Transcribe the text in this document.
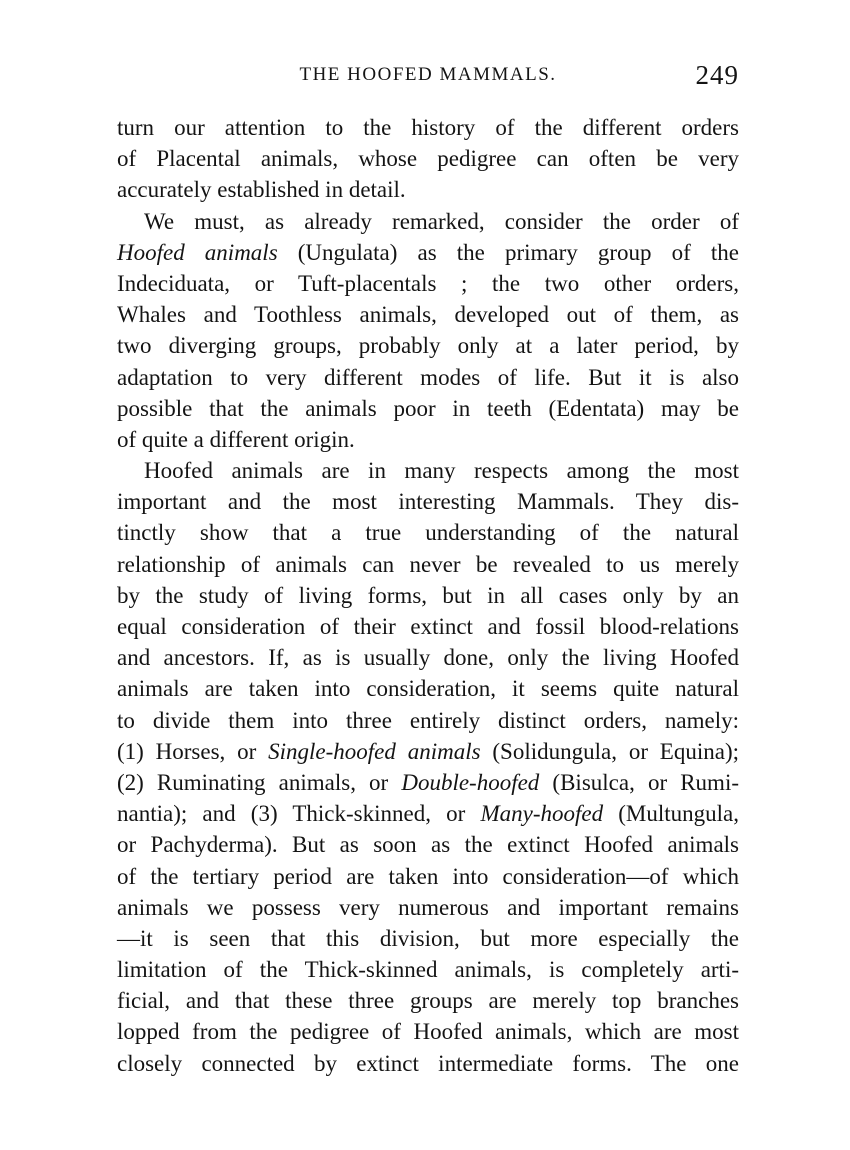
THE HOOFED MAMMALS.	249
turn our attention to the history of the different orders
of Placental animals, whose pedigree can often be very
accurately established in detail.
We must, as already remarked, consider the order of
Hoofed animals (Ungulata) as the primary group of the
Indeciduata, or Tuft-placentals ; the two other orders,
Whales and Toothless animals, developed out of them, as
two diverging groups, probably only at a later period, by
adaptation to very different modes of life. But it is also
possible that the animals poor in teeth (Edentata) may be
of quite a different origin.
Hoofed animals are in many respects among the most
important and the most interesting Mammals. They dis-
tinctly show that a true understanding of the natural
relationship of animals can never be revealed to us merely
by the study of living forms, but in all cases only by an
equal consideration of their extinct and fossil blood-relations
and ancestors. If, as is usually done, only the living Hoofed
animals are taken into consideration, it seems quite natural
to divide them into three entirely distinct orders, namely:
(1) Horses, or Single-hoofed animals (Solidungula, or Equina);
(2) Ruminating animals, or Double-hoofed (Bisulca, or Rumi-
nantia); and (3) Thick-skinned, or Many-hoofed (Multungula,
or Pachyderma). But as soon as the extinct Hoofed animals
of the tertiary period are taken into consideration—of which
animals we possess very numerous and important remains
—it is seen that this division, but more especially the
limitation of the Thick-skinned animals, is completely arti-
ficial, and that these three groups are merely top branches
lopped from the pedigree of Hoofed animals, which are most
closely connected by extinct intermediate forms. The one
